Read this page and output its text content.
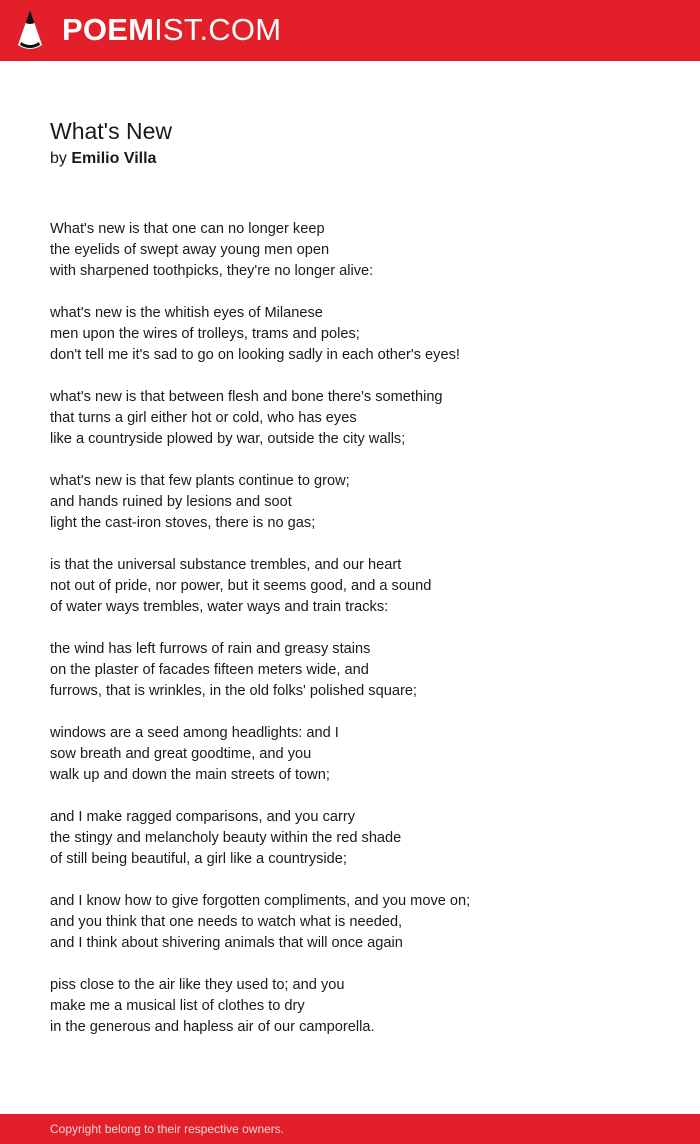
POEMIST.COM
What's New
by Emilio Villa
What's new is that one can no longer keep
the eyelids of swept away young men open
with sharpened toothpicks, they're no longer alive:
what's new is the whitish eyes of Milanese
men upon the wires of trolleys, trams and poles;
don't tell me it's sad to go on looking sadly in each other's eyes!
what's new is that between flesh and bone there's something
that turns a girl either hot or cold, who has eyes
like a countryside plowed by war, outside the city walls;
what's new is that few plants continue to grow;
and hands ruined by lesions and soot
light the cast-iron stoves, there is no gas;
is that the universal substance trembles, and our heart
not out of pride, nor power, but it seems good, and a sound
of water ways trembles, water ways and train tracks:
the wind has left furrows of rain and greasy stains
on the plaster of facades fifteen meters wide, and
furrows, that is wrinkles, in the old folks' polished square;
windows are a seed among headlights: and I
sow breath and great goodtime, and you
walk up and down the main streets of town;
and I make ragged comparisons, and you carry
the stingy and melancholy beauty within the red shade
of still being beautiful, a girl like a countryside;
and I know how to give forgotten compliments, and you move on;
and you think that one needs to watch what is needed,
and I think about shivering animals that will once again
piss close to the air like they used to; and you
make me a musical list of clothes to dry
in the generous and hapless air of our camporella.
Copyright belong to their respective owners.
